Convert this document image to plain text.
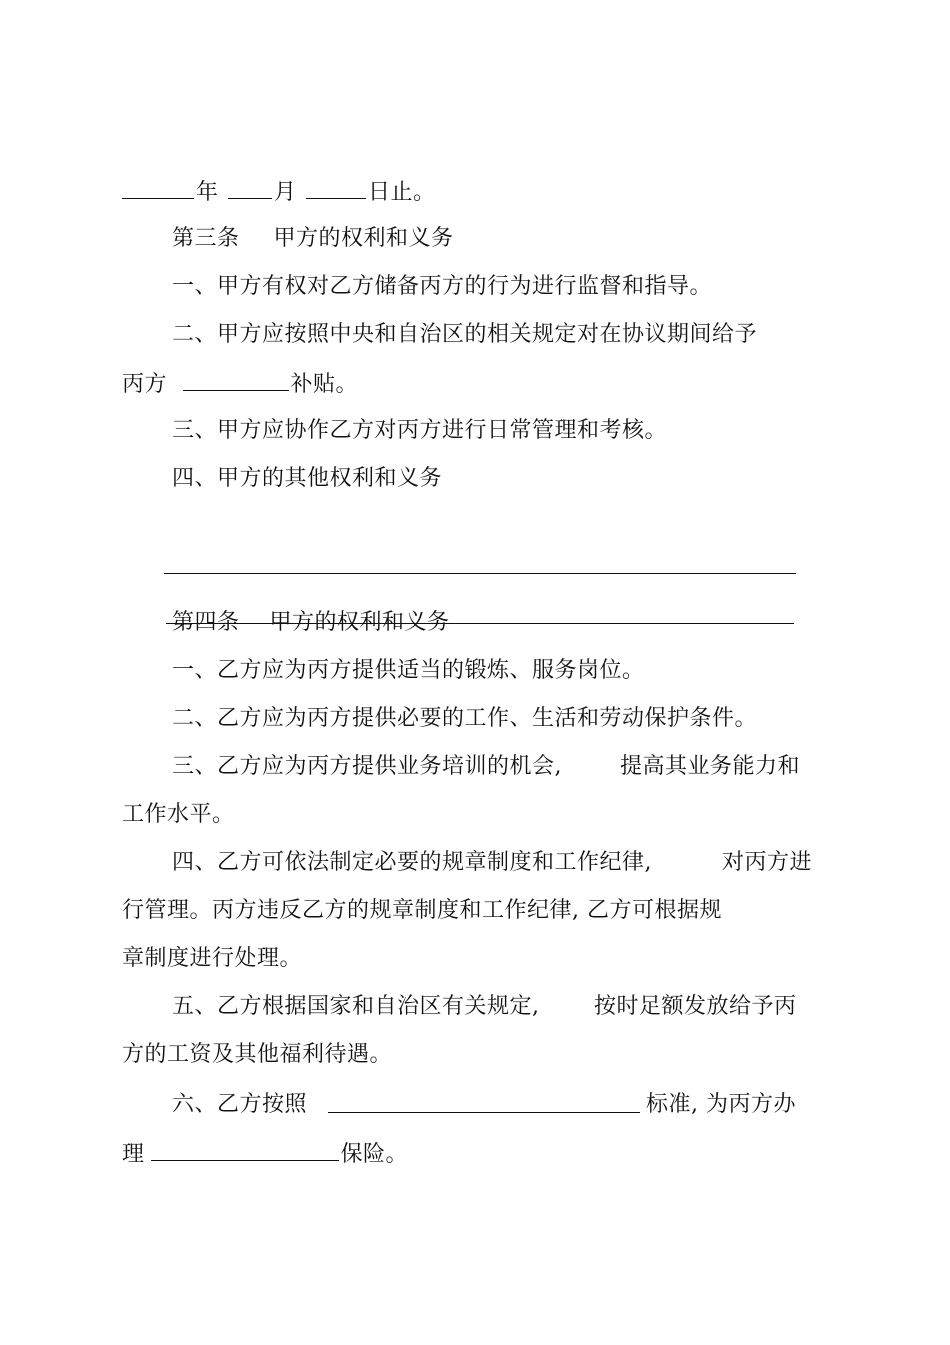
年	月	日止。
第三条 甲方的权利和义务
一、甲方有权对乙方储备丙方的行为进行监督和指导。
二、甲方应按照中央和自治区的相关规定对在协议期间给予
丙方	补贴。
三、甲方应协作乙方对丙方进行日常管理和考核。
四、甲方的其他权利和义务
第四条 甲方的权利和义务
一、乙方应为丙方提供适当的锻炼、服务岗位。
二、乙方应为丙方提供必要的工作、生活和劳动保护条件。
三、乙方应为丙方提供业务培训的机会,	提高其业务能力和
工作水平。
四、乙方可依法制定必要的规章制度和工作纪律,	对丙方进
行管理。丙方违反乙方的规章制度和工作纪律, 乙方可根据规
章制度进行处理。
五、乙方根据国家和自治区有关规定, 按时足额发放给予丙
方的工资及其他福利待遇。
六、乙方按照	标准, 为丙方办
理	保险。
